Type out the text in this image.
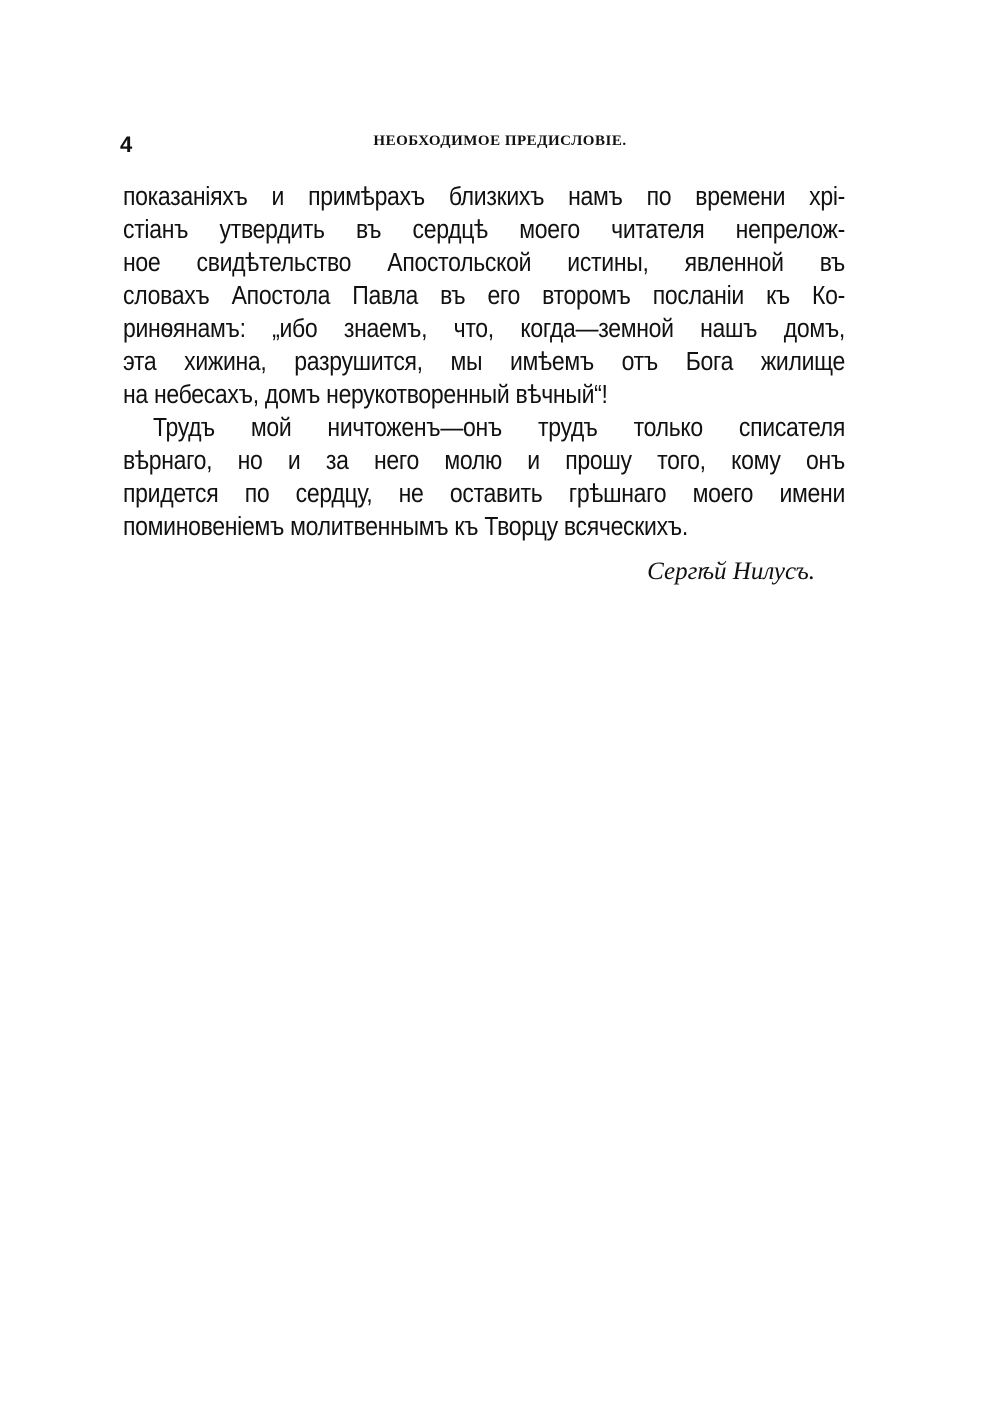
4	НЕОБХОДИМОЕ ПРЕДИСЛОВІЕ.
показаніяхъ и примѣрахъ близкихъ намъ по времени хрі-
стіанъ утвердить въ сердцѣ моего читателя непрелож-
ное свидѣтельство Апостольской истины, явленной въ
словахъ Апостола Павла въ его второмъ посланіи къ Ко-
ринѳянамъ: „ибо знаемъ, что, когда—земной нашъ домъ,
эта хижина, разрушится, мы имѣемъ отъ Бога жилище
на небесахъ, домъ нерукотворенный вѣчный“!
Трудъ мой ничтоженъ—онъ трудъ только списателя
вѣрнаго, но и за него молю и прошу того, кому онъ
придется по сердцу, не оставить грѣшнаго моего имени
поминовеніемъ молитвеннымъ къ Творцу всяческихъ.
Сергѣй Нилусъ.
